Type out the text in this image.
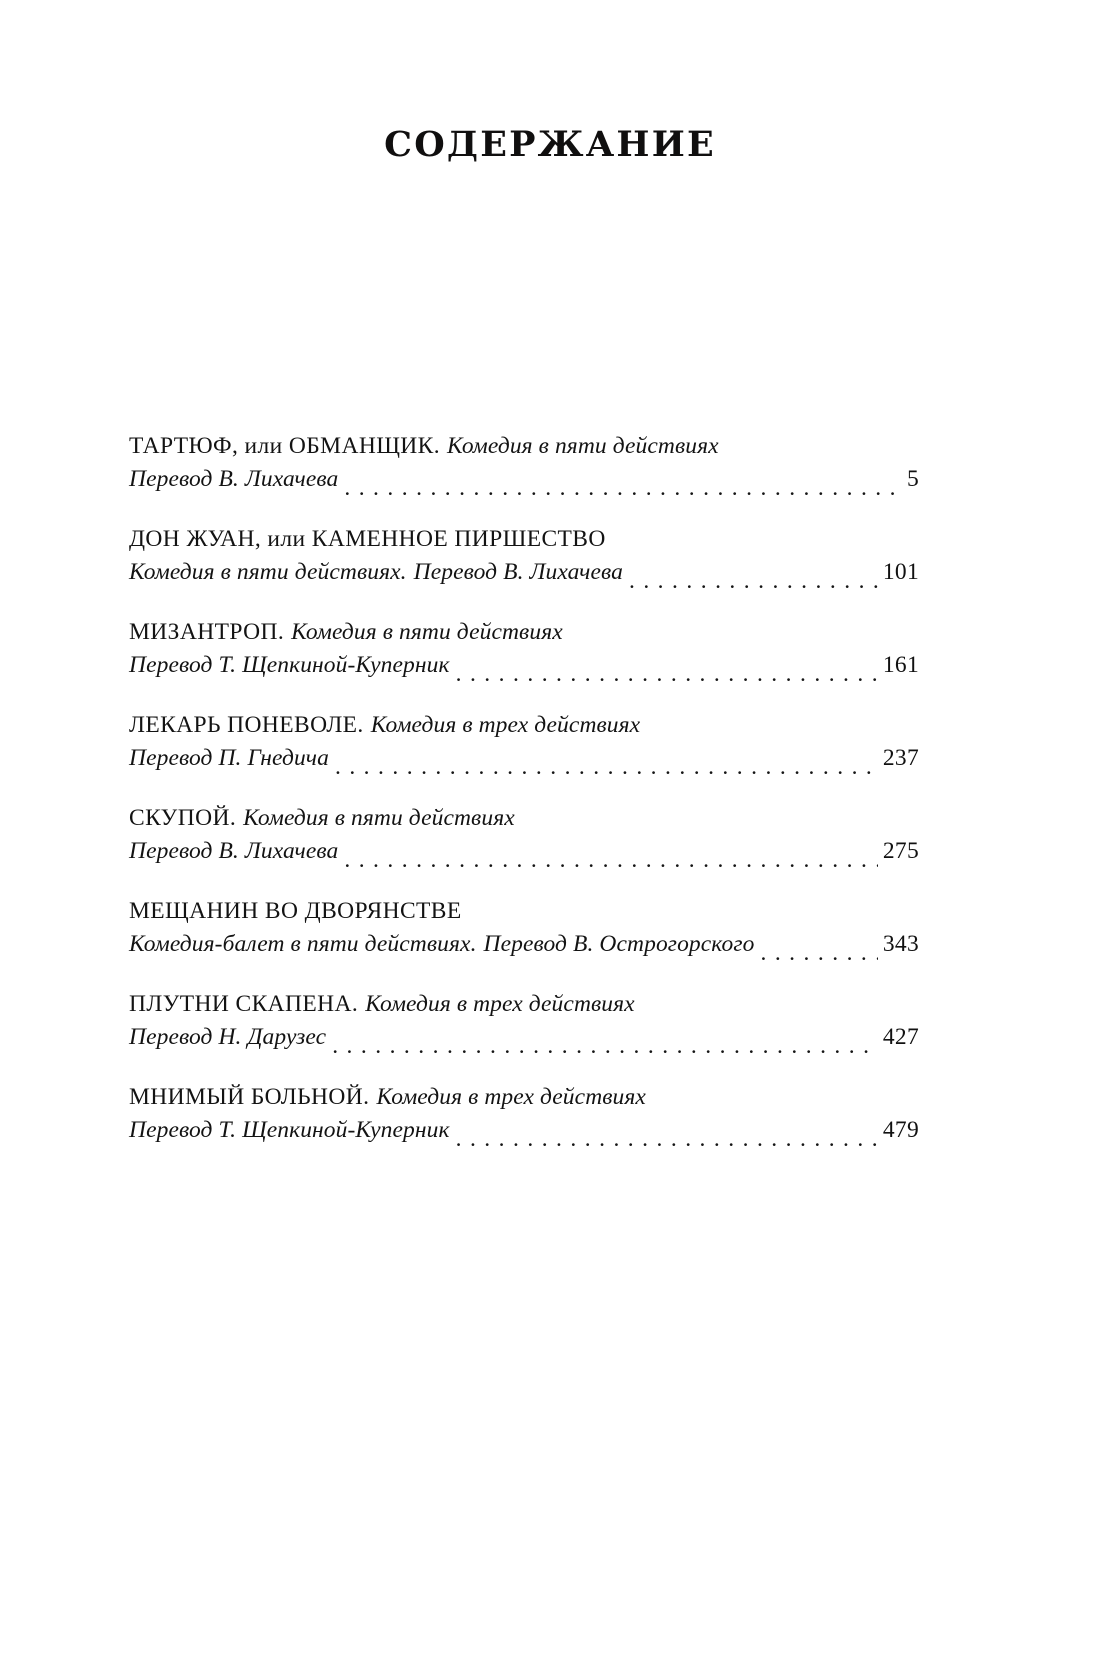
СОДЕРЖАНИЕ
ТАРТЮФ, или ОБМАНЩИК. Комедия в пяти действиях
Перевод В. Лихачева . . .	5
ДОН ЖУАН, или КАМЕННОЕ ПИРШЕСТВО
Комедия в пяти действиях. Перевод В. Лихачева . . .	101
МИЗАНТРОП. Комедия в пяти действиях
Перевод Т. Щепкиной-Куперник . . .	161
ЛЕКАРЬ ПОНЕВОЛЕ. Комедия в трех действиях
Перевод П. Гнедича . . .	237
СКУПОЙ. Комедия в пяти действиях
Перевод В. Лихачева . . .	275
МЕЩАНИН ВО ДВОРЯНСТВЕ
Комедия-балет в пяти действиях. Перевод В. Острогорского . . .	343
ПЛУТНИ СКАПЕНА. Комедия в трех действиях
Перевод Н. Дарузес . . .	427
МНИМЫЙ БОЛЬНОЙ. Комедия в трех действиях
Перевод Т. Щепкиной-Куперник . . .	479
